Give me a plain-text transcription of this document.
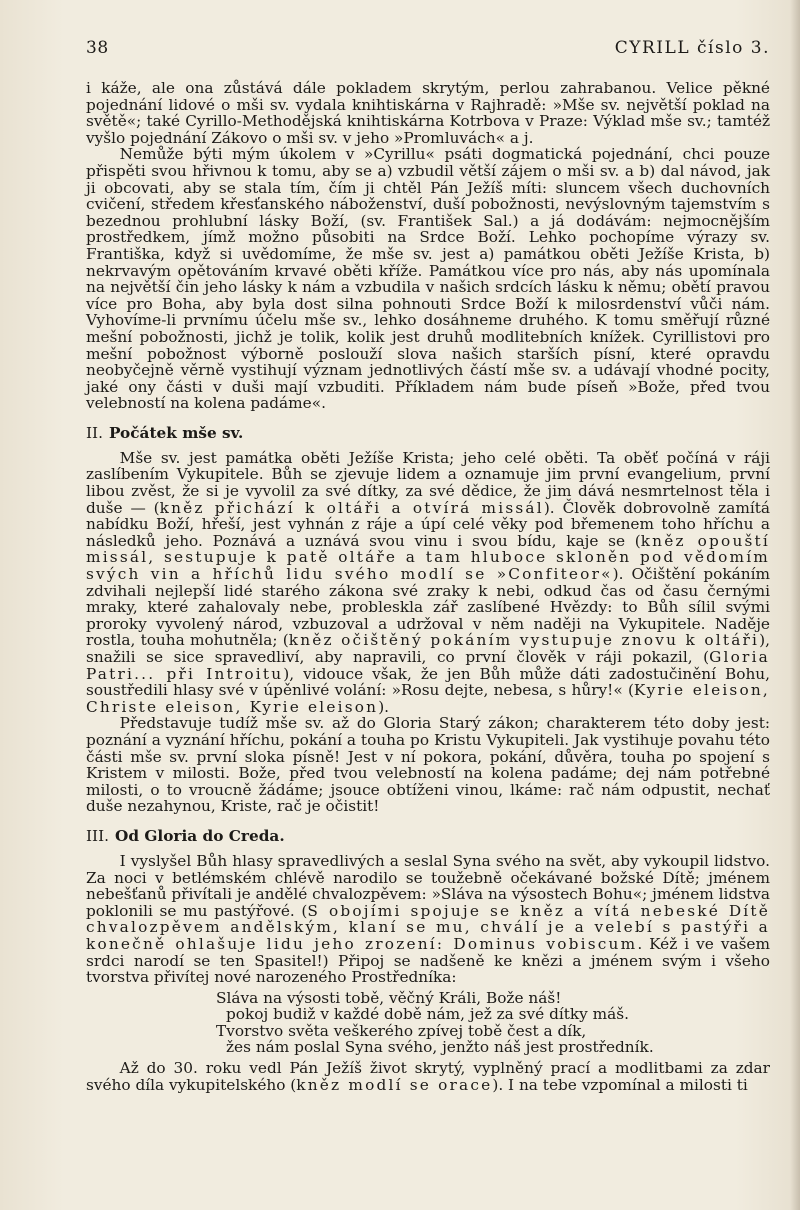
38	CYRILL číslo 3.

i káže, ale ona zůstává dále pokladem skrytým, perlou zahrabanou. Velice pěkné pojednání lidové o mši sv. vydala knihtiskárna v Rajhradě: »Mše sv. největší poklad na světě«; také Cyrillo-Methodějská knihtiskárna Kotrbova v Praze: Výklad mše sv.; tamtéž vyšlo pojednání Zákovo o mši sv. v jeho »Promluvách« a j.

Nemůže býti mým úkolem v »Cyrillu« psáti dogmatická pojednání, chci pouze přispěti svou hřivnou k tomu, aby se a) vzbudil větší zájem o mši sv. a b) dal návod, jak ji obcovati, aby se stala tím, čím ji chtěl Pán Ježíš míti: sluncem všech duchovních cvičení, středem křesťanského náboženství, duší pobožnosti, nevýslovným tajemstvím s bezednou prohlubní lásky Boží, (sv. František Sal.) a já dodávám: nejmocnějším prostředkem, jímž možno působiti na Srdce Boží. Lehko pochopíme výrazy sv. Františka, když si uvědomíme, že mše sv. jest a) památkou oběti Ježíše Krista, b) nekrvavým opětováním krvavé oběti kříže. Památkou více pro nás, aby nás upomínala na největší čin jeho lásky k nám a vzbudila v našich srdcích lásku k němu; obětí pravou více pro Boha, aby byla dost silna pohnouti Srdce Boží k milosrdenství vůči nám. Vyhovíme-li prvnímu účelu mše sv., lehko dosáhneme druhého. K tomu směřují různé mešní pobožnosti, jichž je tolik, kolik jest druhů modlitebních knížek. Cyrillistovi pro mešní pobožnost výborně poslouží slova našich starších písní, které opravdu neobyčejně věrně vystihují význam jednotlivých částí mše sv. a udávají vhodné pocity, jaké ony části v duši mají vzbuditi. Příkladem nám bude píseň »Bože, před tvou velebností na kolena padáme«.

II. Počátek mše sv.

Mše sv. jest památka oběti Ježíše Krista; jeho celé oběti. Ta oběť počíná v ráji zaslíbením Vykupitele. Bůh se zjevuje lidem a oznamuje jim první evangelium, první libou zvěst, že si je vyvolil za své dítky, za své dědice, že jim dává nesmrtelnost těla i duše — (kněz přichází k oltáři a otvírá missál). Člověk dobrovolně zamítá nabídku Boží, hřeší, jest vyhnán z ráje a úpí celé věky pod břemenem toho hříchu a následků jeho. Poznává a uznává svou vinu i svou bídu, kaje se (kněz opouští missál, sestupuje k patě oltáře a tam hluboce skloněn pod vědomím svých vin a hříchů lidu svého modlí se »Confiteor«). Očištění pokáním zdvihali nejlepší lidé starého zákona své zraky k nebi, odkud čas od času černými mraky, které zahalovaly nebe, probleskla zář zaslíbené Hvězdy: to Bůh sílil svými proroky vyvolený národ, vzbuzoval a udržoval v něm naději na Vykupitele. Naděje rostla, touha mohutněla; (kněz očištěný pokáním vystupuje znovu k oltáři), snažili se sice spravedliví, aby napravili, co první člověk v ráji pokazil, (Gloria Patri... při Introitu), vidouce však, že jen Bůh může dáti zadostučinění Bohu, soustředili hlasy své v úpěnlivé volání: »Rosu dejte, nebesa, s hůry!« (Kyrie eleison, Christe eleison, Kyrie eleison).

Představuje tudíž mše sv. až do Gloria Starý zákon; charakterem této doby jest: poznání a vyznání hříchu, pokání a touha po Kristu Vykupiteli. Jak vystihuje povahu této části mše sv. první sloka písně! Jest v ní pokora, pokání, důvěra, touha po spojení s Kristem v milosti. Bože, před tvou velebností na kolena padáme; dej nám potřebné milosti, o to vroucně žádáme; jsouce obtíženi vinou, lkáme: rač nám odpustit, nechať duše nezahynou, Kriste, rač je očistit!

III. Od Gloria do Creda.

I vyslyšel Bůh hlasy spravedlivých a seslal Syna svého na svět, aby vykoupil lidstvo. Za noci v betlémském chlévě narodilo se toužebně očekávané božské Dítě; jménem nebešťanů přivítali je andělé chvalozpěvem: »Sláva na výsostech Bohu«; jménem lidstva poklonili se mu pastýřové. (S obojími spojuje se kněz a vítá nebeské Dítě chvalozpěvem andělským, klaní se mu, chválí je a velebí s pastýři a konečně ohlašuje lidu jeho zrození: Dominus vobiscum. Kéž i ve vašem srdci narodí se ten Spasitel!) Připoj se nadšeně ke knězi a jménem svým i všeho tvorstva přivítej nové narozeného Prostředníka:

Sláva na výsosti tobě, věčný Králi, Bože náš!
pokoj budiž v každé době nám, jež za své dítky máš.
Tvorstvo světa veškerého zpívej tobě čest a dík,
žes nám poslal Syna svého, jenžto náš jest prostředník.

Až do 30. roku vedl Pán Ježíš život skrytý, vyplněný prací a modlitbami za zdar svého díla vykupitelského (kněz modlí se orace). I na tebe vzpomínal a milosti ti
